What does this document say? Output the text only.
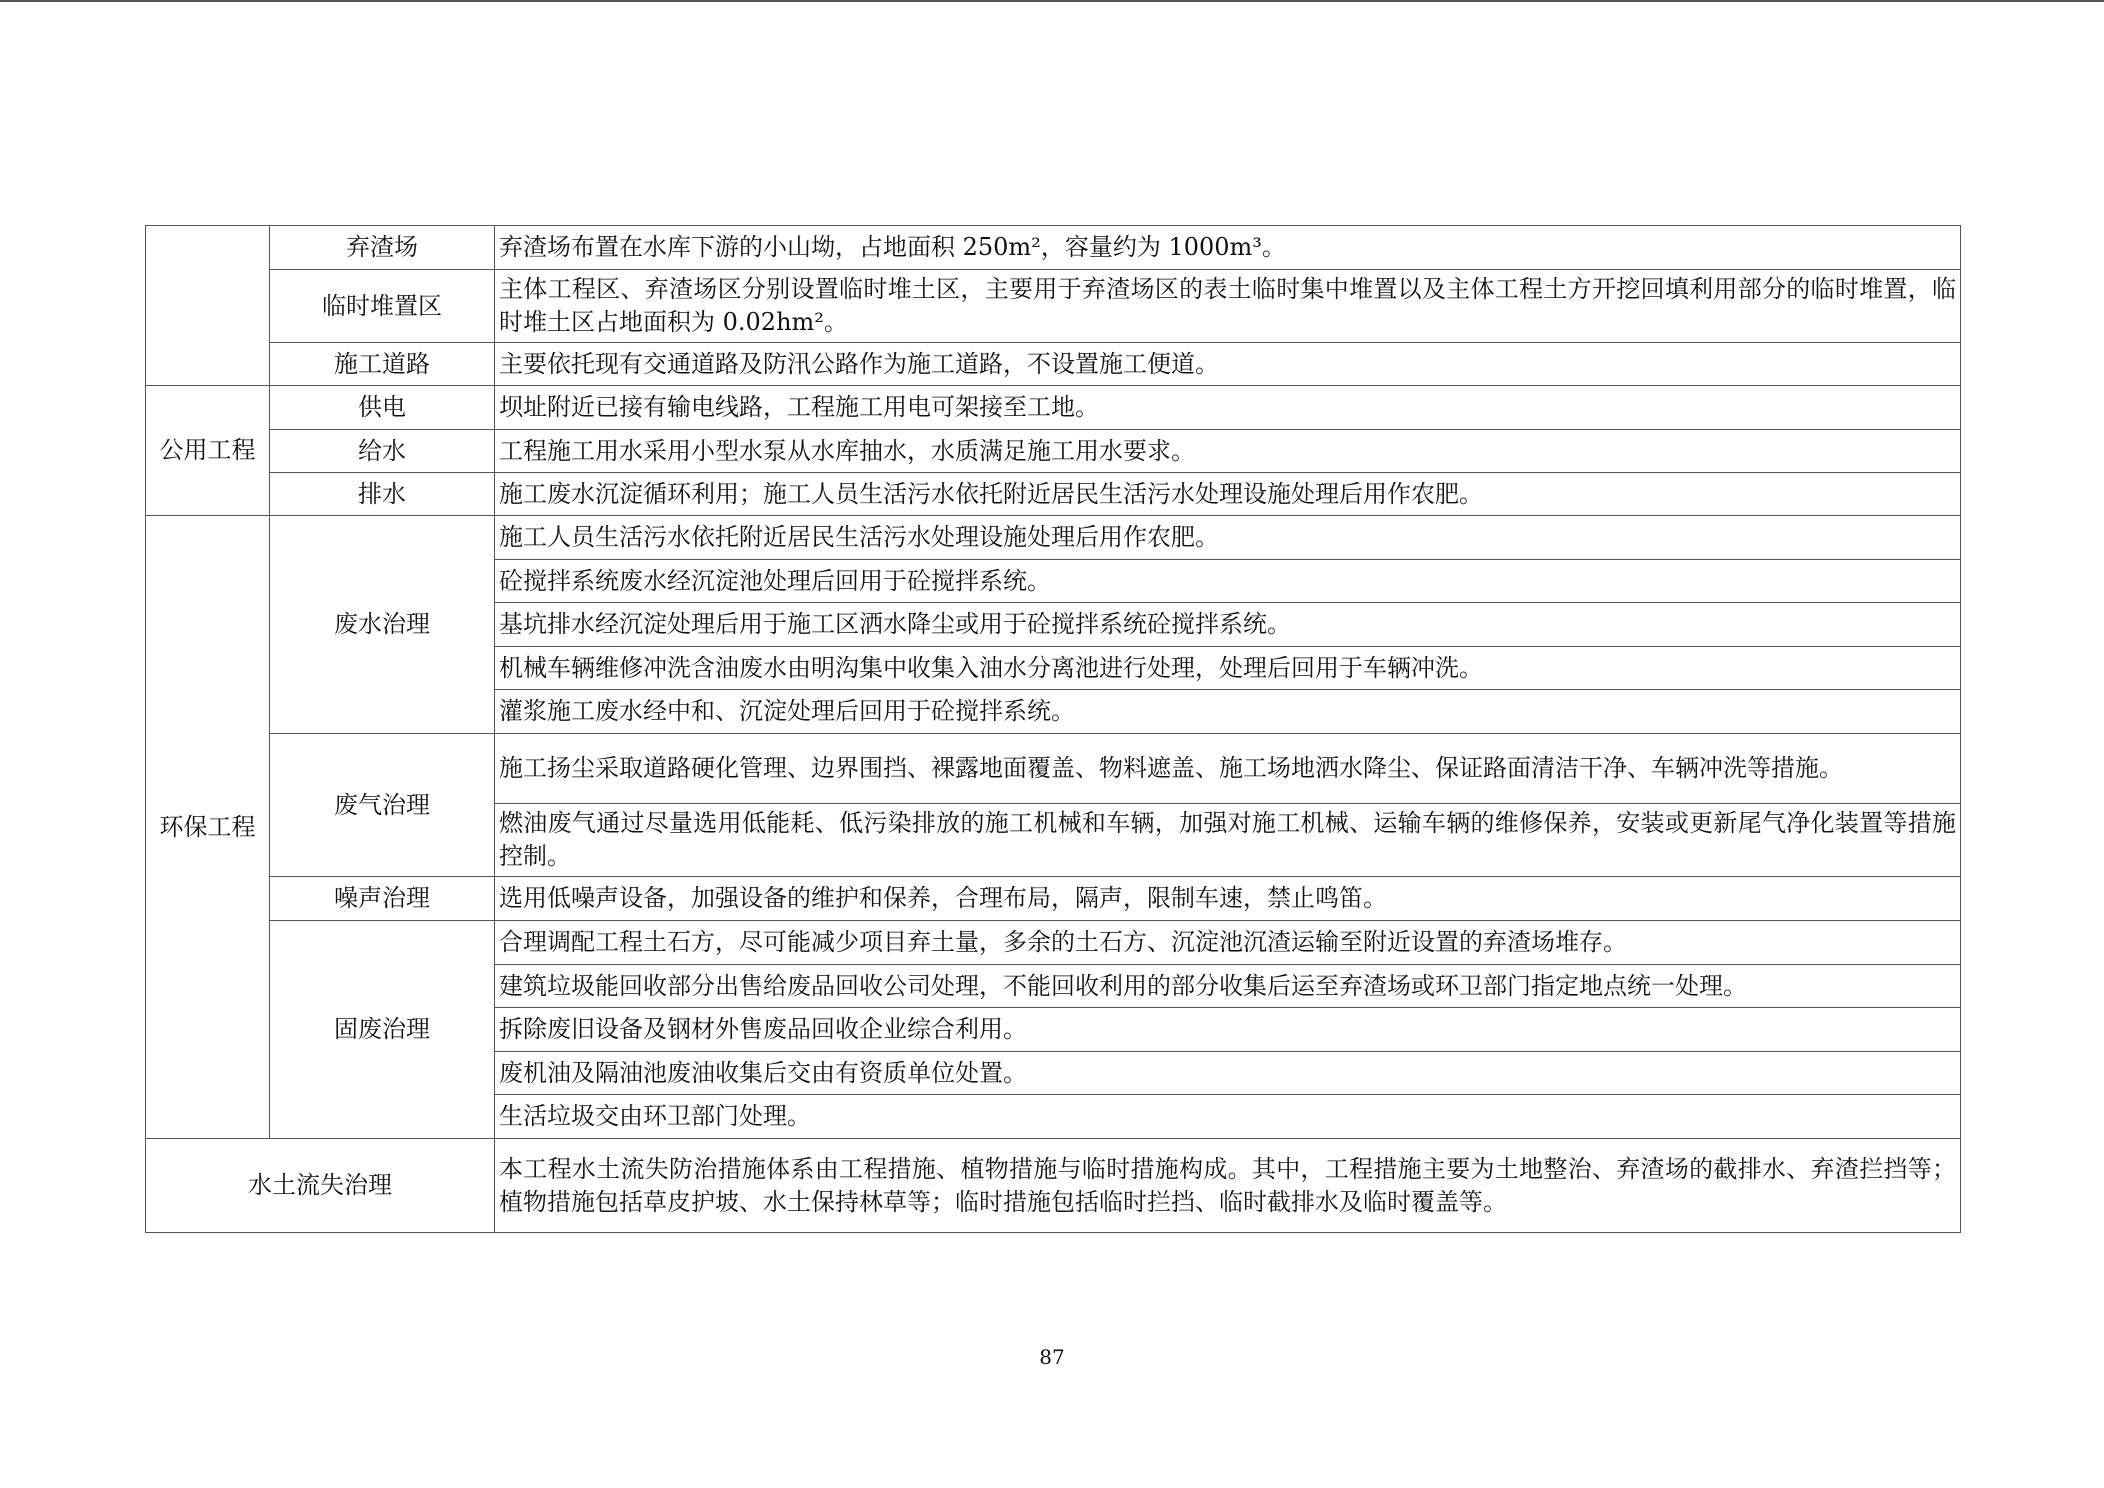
	弃渣场	弃渣场布置在水库下游的小山坳，占地面积 250m²，容量约为 1000m³。
	临时堆置区	主体工程区、弃渣场区分别设置临时堆土区，主要用于弃渣场区的表土临时集中堆置以及主体工程土方开挖回填利用部分的临时堆置，临时堆土区占地面积为 0.02hm²。
	施工道路	主要依托现有交通道路及防汛公路作为施工道路，不设置施工便道。
公用工程	供电	坝址附近已接有输电线路，工程施工用电可架接至工地。
	给水	工程施工用水采用小型水泵从水库抽水，水质满足施工用水要求。
	排水	施工废水沉淀循环利用；施工人员生活污水依托附近居民生活污水处理设施处理后用作农肥。
环保工程	废水治理	施工人员生活污水依托附近居民生活污水处理设施处理后用作农肥。
		砼搅拌系统废水经沉淀池处理后回用于砼搅拌系统。
		基坑排水经沉淀处理后用于施工区洒水降尘或用于砼搅拌系统砼搅拌系统。
		机械车辆维修冲洗含油废水由明沟集中收集入油水分离池进行处理，处理后回用于车辆冲洗。
		灌浆施工废水经中和、沉淀处理后回用于砼搅拌系统。
	废气治理	施工扬尘采取道路硬化管理、边界围挡、裸露地面覆盖、物料遮盖、施工场地洒水降尘、保证路面清洁干净、车辆冲洗等措施。
		燃油废气通过尽量选用低能耗、低污染排放的施工机械和车辆，加强对施工机械、运输车辆的维修保养，安装或更新尾气净化装置等措施控制。
	噪声治理	选用低噪声设备，加强设备的维护和保养，合理布局，隔声，限制车速，禁止鸣笛。
	固废治理	合理调配工程土石方，尽可能减少项目弃土量，多余的土石方、沉淀池沉渣运输至附近设置的弃渣场堆存。
		建筑垃圾能回收部分出售给废品回收公司处理，不能回收利用的部分收集后运至弃渣场或环卫部门指定地点统一处理。
		拆除废旧设备及钢材外售废品回收企业综合利用。
		废机油及隔油池废油收集后交由有资质单位处置。
		生活垃圾交由环卫部门处理。
水土流失治理		本工程水土流失防治措施体系由工程措施、植物措施与临时措施构成。其中，工程措施主要为土地整治、弃渣场的截排水、弃渣拦挡等；植物措施包括草皮护坡、水土保持林草等；临时措施包括临时拦挡、临时截排水及临时覆盖等。
87
